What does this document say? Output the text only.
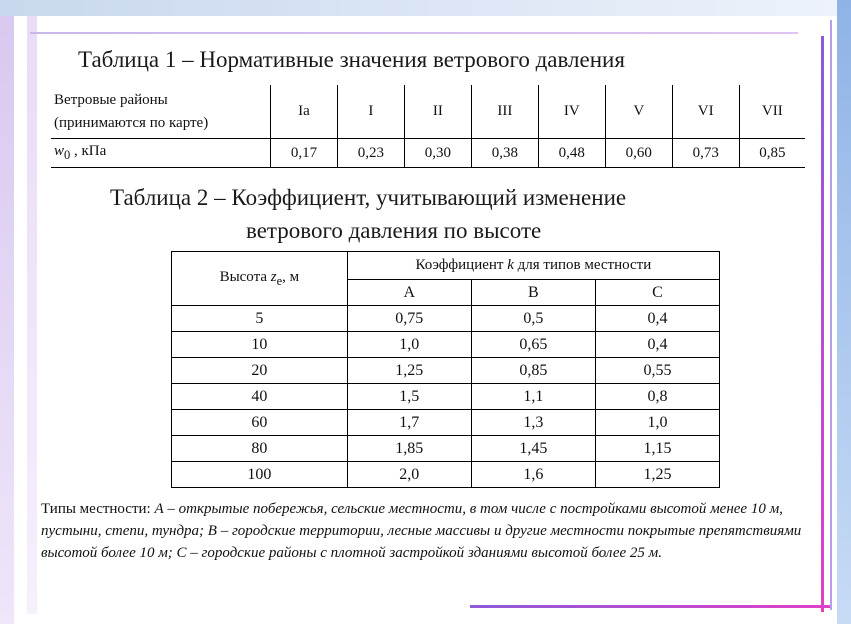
Таблица 1 – Нормативные значения ветрового давления
Ветровые районы
(принимаются по карте)	Ia	I	II	III	IV	V	VI	VII
$w_0$ , кПа	0,17	0,23	0,30	0,38	0,48	0,60	0,73	0,85
Таблица 2 – Коэффициент, учитывающий изменение
ветрового давления по высоте
Высота $z_e$, м	Коэффициент k для типов местности		
	А	В	С
5	0,75	0,5	0,4
10	1,0	0,65	0,4
20	1,25	0,85	0,55
40	1,5	1,1	0,8
60	1,7	1,3	1,0
80	1,85	1,45	1,15
100	2,0	1,6	1,25

Типы местности: А – открытые побережья, сельские местности, в том числе с постройками высотой менее 10 м, пустыни, степи, тундра; В – городские территории, лесные массивы и другие местности покрытые препятствиями высотой более 10 м; С – городские районы с плотной застройкой зданиями высотой более 25 м.
